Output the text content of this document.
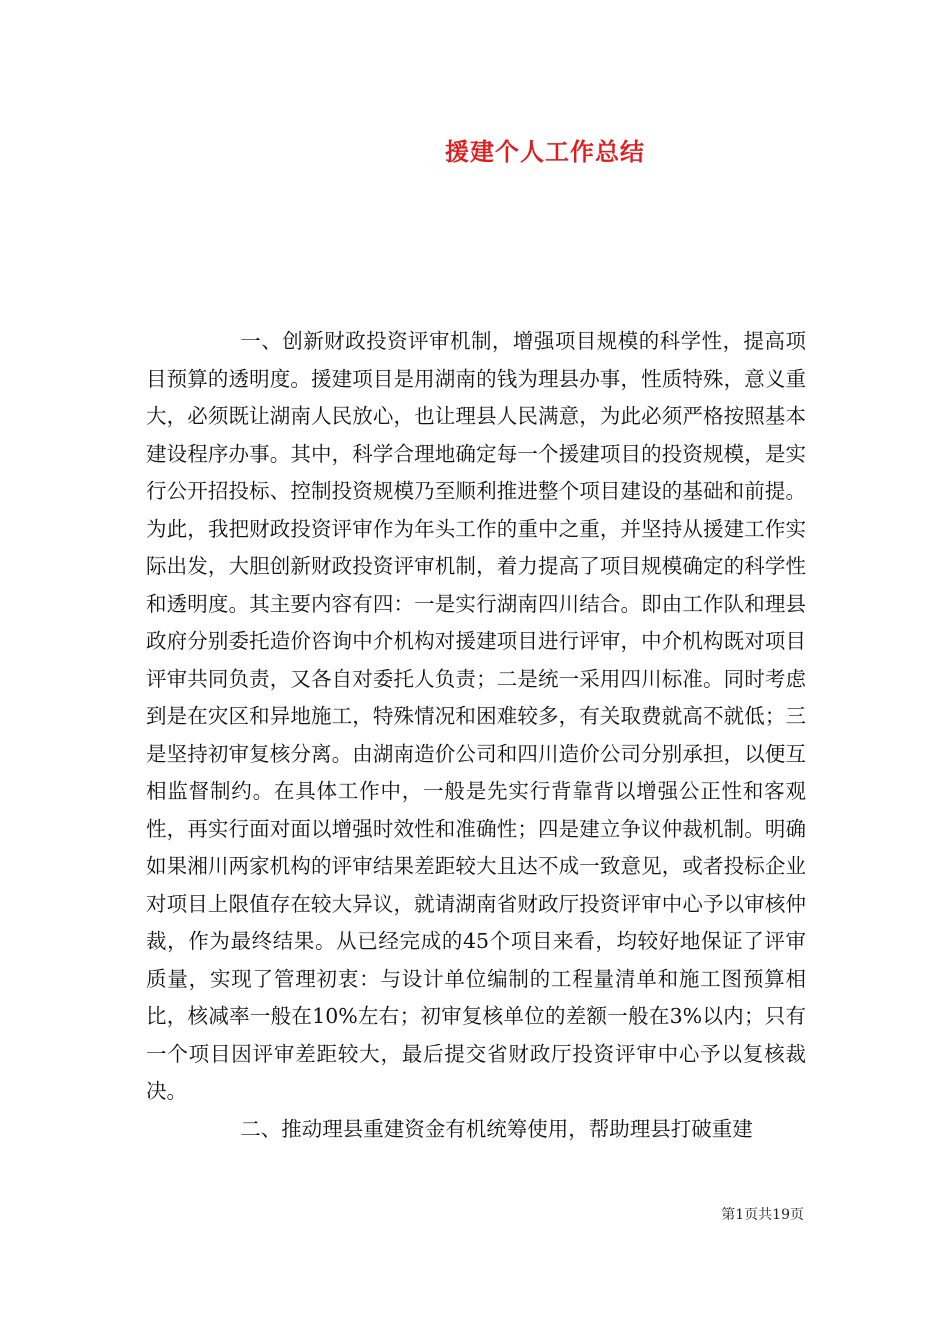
援建个人工作总结

一、创新财政投资评审机制，增强项目规模的科学性，提高项目预算的透明度。援建项目是用湖南的钱为理县办事，性质特殊，意义重大，必须既让湖南人民放心，也让理县人民满意，为此必须严格按照基本建设程序办事。其中，科学合理地确定每一个援建项目的投资规模，是实行公开招投标、控制投资规模乃至顺利推进整个项目建设的基础和前提。为此，我把财政投资评审作为年头工作的重中之重，并坚持从援建工作实际出发，大胆创新财政投资评审机制，着力提高了项目规模确定的科学性和透明度。其主要内容有四：一是实行湖南四川结合。即由工作队和理县政府分别委托造价咨询中介机构对援建项目进行评审，中介机构既对项目评审共同负责，又各自对委托人负责；二是统一采用四川标准。同时考虑到是在灾区和异地施工，特殊情况和困难较多，有关取费就高不就低；三是坚持初审复核分离。由湖南造价公司和四川造价公司分别承担，以便互相监督制约。在具体工作中，一般是先实行背靠背以增强公正性和客观性，再实行面对面以增强时效性和准确性；四是建立争议仲裁机制。明确如果湘川两家机构的评审结果差距较大且达不成一致意见，或者投标企业对项目上限值存在较大异议，就请湖南省财政厅投资评审中心予以审核仲裁，作为最终结果。从已经完成的45个项目来看，均较好地保证了评审质量，实现了管理初衷：与设计单位编制的工程量清单和施工图预算相比，核减率一般在10%左右；初审复核单位的差额一般在3%以内；只有一个项目因评审差距较大，最后提交省财政厅投资评审中心予以复核裁决。

二、推动理县重建资金有机统筹使用，帮助理县打破重建

第1页共19页
